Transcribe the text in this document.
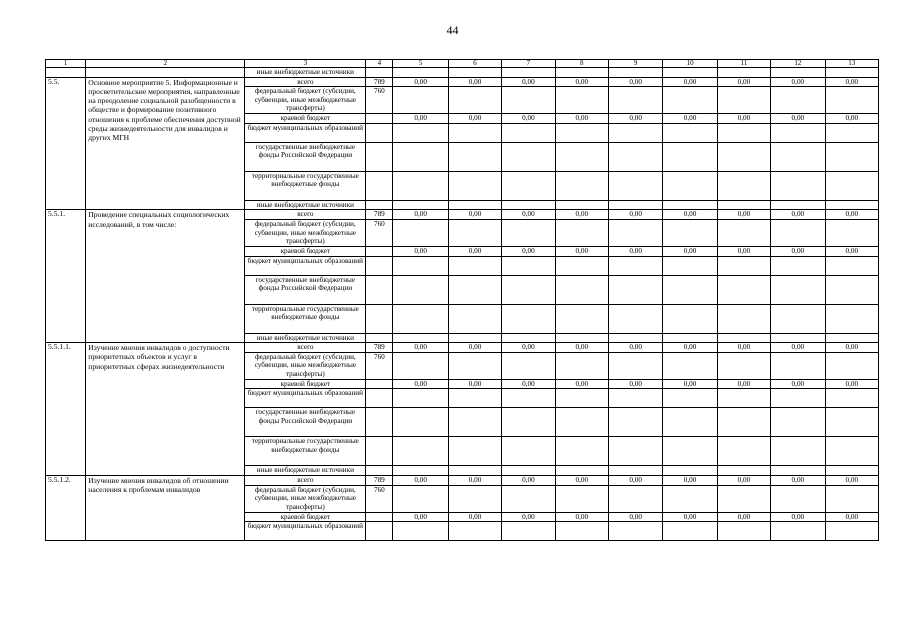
44
1	2	3	4	5	6	7	8	9	10	11	12	13
		иные внебюджетные источники										
5.5.	Основное мероприятие 5. Информационные и просветительские мероприятия, направленные на преодоление социальной разобщенности в обществе и формирование позитивного отношения к проблеме обеспечения доступной среды жизнедеятельности для инвалидов и других МГН	всего	789	0,00	0,00	0,00	0,00	0,00	0,00	0,00	0,00	0,00
		федеральный бюджет (субсидии, субвенции, иные межбюджетные трансферты)	760									
		краевой бюджет		0,00	0,00	0,00	0,00	0,00	0,00	0,00	0,00	0,00
		бюджет муниципальных образований										
		государственные внебюджетные фонды Российской Федерации										
		территориальные государственные внебюджетные фонды										
		иные внебюджетные источники										
5.5.1.	Проведение специальных социологических исследований, в том числе:	всего	789	0,00	0,00	0,00	0,00	0,00	0,00	0,00	0,00	0,00
		федеральный бюджет (субсидии, субвенции, иные межбюджетные трансферты)	760									
		краевой бюджет		0,00	0,00	0,00	0,00	0,00	0,00	0,00	0,00	0,00
		бюджет муниципальных образований										
		государственные внебюджетные фонды Российской Федерации										
		территориальные государственные внебюджетные фонды										
		иные внебюджетные источники										
5.5.1.1.	Изучение мнения инвалидов о доступности приоритетных объектов и услуг в приоритетных сферах жизнедеятельности	всего	789	0,00	0,00	0,00	0,00	0,00	0,00	0,00	0,00	0,00
		федеральный бюджет (субсидии, субвенции, иные межбюджетные трансферты)	760									
		краевой бюджет		0,00	0,00	0,00	0,00	0,00	0,00	0,00	0,00	0,00
		бюджет муниципальных образований										
		государственные внебюджетные фонды Российской Федерации										
		территориальные государственные внебюджетные фонды										
		иные внебюджетные источники										
5.5.1.2.	Изучение мнения инвалидов об отношении населения к проблемам инвалидов	всего	789	0,00	0,00	0,00	0,00	0,00	0,00	0,00	0,00	0,00
		федеральный бюджет (субсидии, субвенции, иные межбюджетные трансферты)	760									
		краевой бюджет		0,00	0,00	0,00	0,00	0,00	0,00	0,00	0,00	0,00
		бюджет муниципальных образований										
